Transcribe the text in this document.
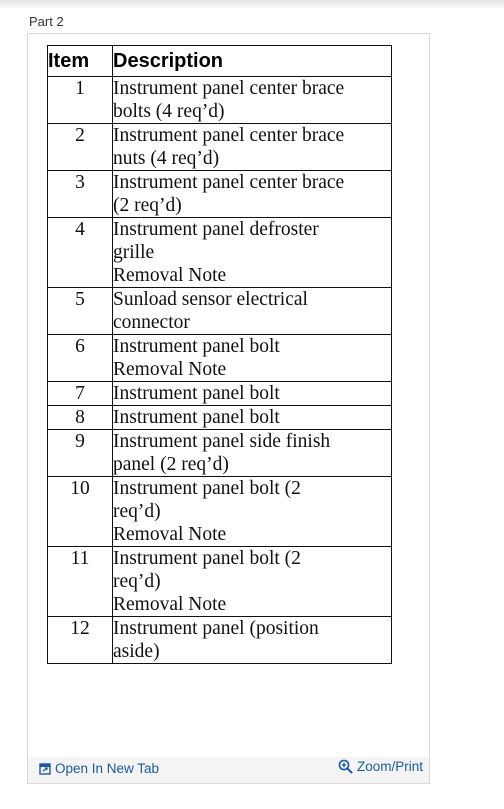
Part 2
Item	Description
1	Instrument panel center brace
bolts (4 req’d)
2	Instrument panel center brace
nuts (4 req’d)
3	Instrument panel center brace
(2 req’d)
4	Instrument panel defroster
grille
Removal Note
5	Sunload sensor electrical
connector
6	Instrument panel bolt
Removal Note
7	Instrument panel bolt
8	Instrument panel bolt
9	Instrument panel side finish
panel (2 req’d)
10	Instrument panel bolt (2
req’d)
Removal Note
11	Instrument panel bolt (2
req’d)
Removal Note
12	Instrument panel (position
aside)
Open In New Tab	Zoom/Print
